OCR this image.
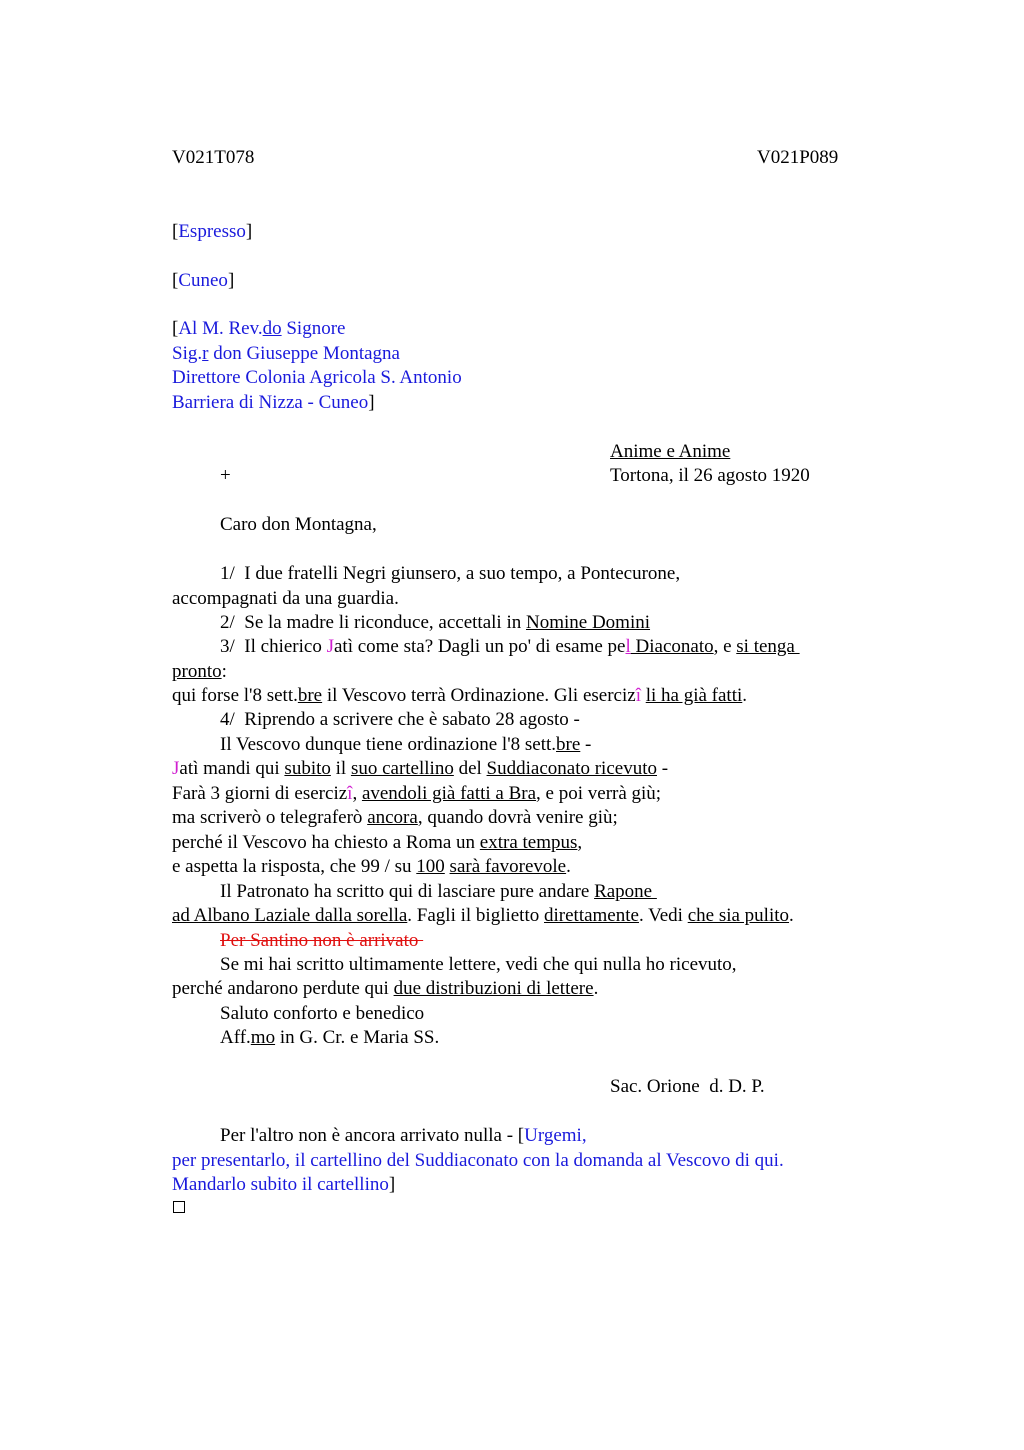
V021T078	V021P089
[Espresso]
[Cuneo]
[Al M. Rev.do Signore
Sig.r don Giuseppe Montagna
Direttore Colonia Agricola S. Antonio
Barriera di Nizza - Cuneo]
Anime e Anime
+	Tortona, il 26 agosto 1920
Caro don Montagna,
1/  I due fratelli Negri giunsero, a suo tempo, a Pontecurone,
accompagnati da una guardia.
2/  Se la madre li riconduce, accettali in Nomine Domini
3/  Il chierico Jatì come sta? Dagli un po' di esame pel Diaconato, e si tenga
pronto:
qui forse l'8 sett.bre il Vescovo terrà Ordinazione. Gli esercizî li ha già fatti.
4/  Riprendo a scrivere che è sabato 28 agosto -
Il Vescovo dunque tiene ordinazione l'8 sett.bre -
Jatì mandi qui subito il suo cartellino del Suddiaconato ricevuto -
Farà 3 giorni di esercizî, avendoli già fatti a Bra, e poi verrà giù;
ma scriverò o telegraferò ancora, quando dovrà venire giù;
perché il Vescovo ha chiesto a Roma un extra tempus,
e aspetta la risposta, che 99 / su 100 sarà favorevole.
Il Patronato ha scritto qui di lasciare pure andare Rapone
ad Albano Laziale dalla sorella. Fagli il biglietto direttamente. Vedi che sia pulito.
Per Santino non è arrivato
Se mi hai scritto ultimamente lettere, vedi che qui nulla ho ricevuto,
perché andarono perdute qui due distribuzioni di lettere.
Saluto conforto e benedico
Aff.mo in G. Cr. e Maria SS.
Sac. Orione  d. D. P.
Per l'altro non è ancora arrivato nulla - [Urgemi,
per presentarlo, il cartellino del Suddiaconato con la domanda al Vescovo di qui.
Mandarlo subito il cartellino]
